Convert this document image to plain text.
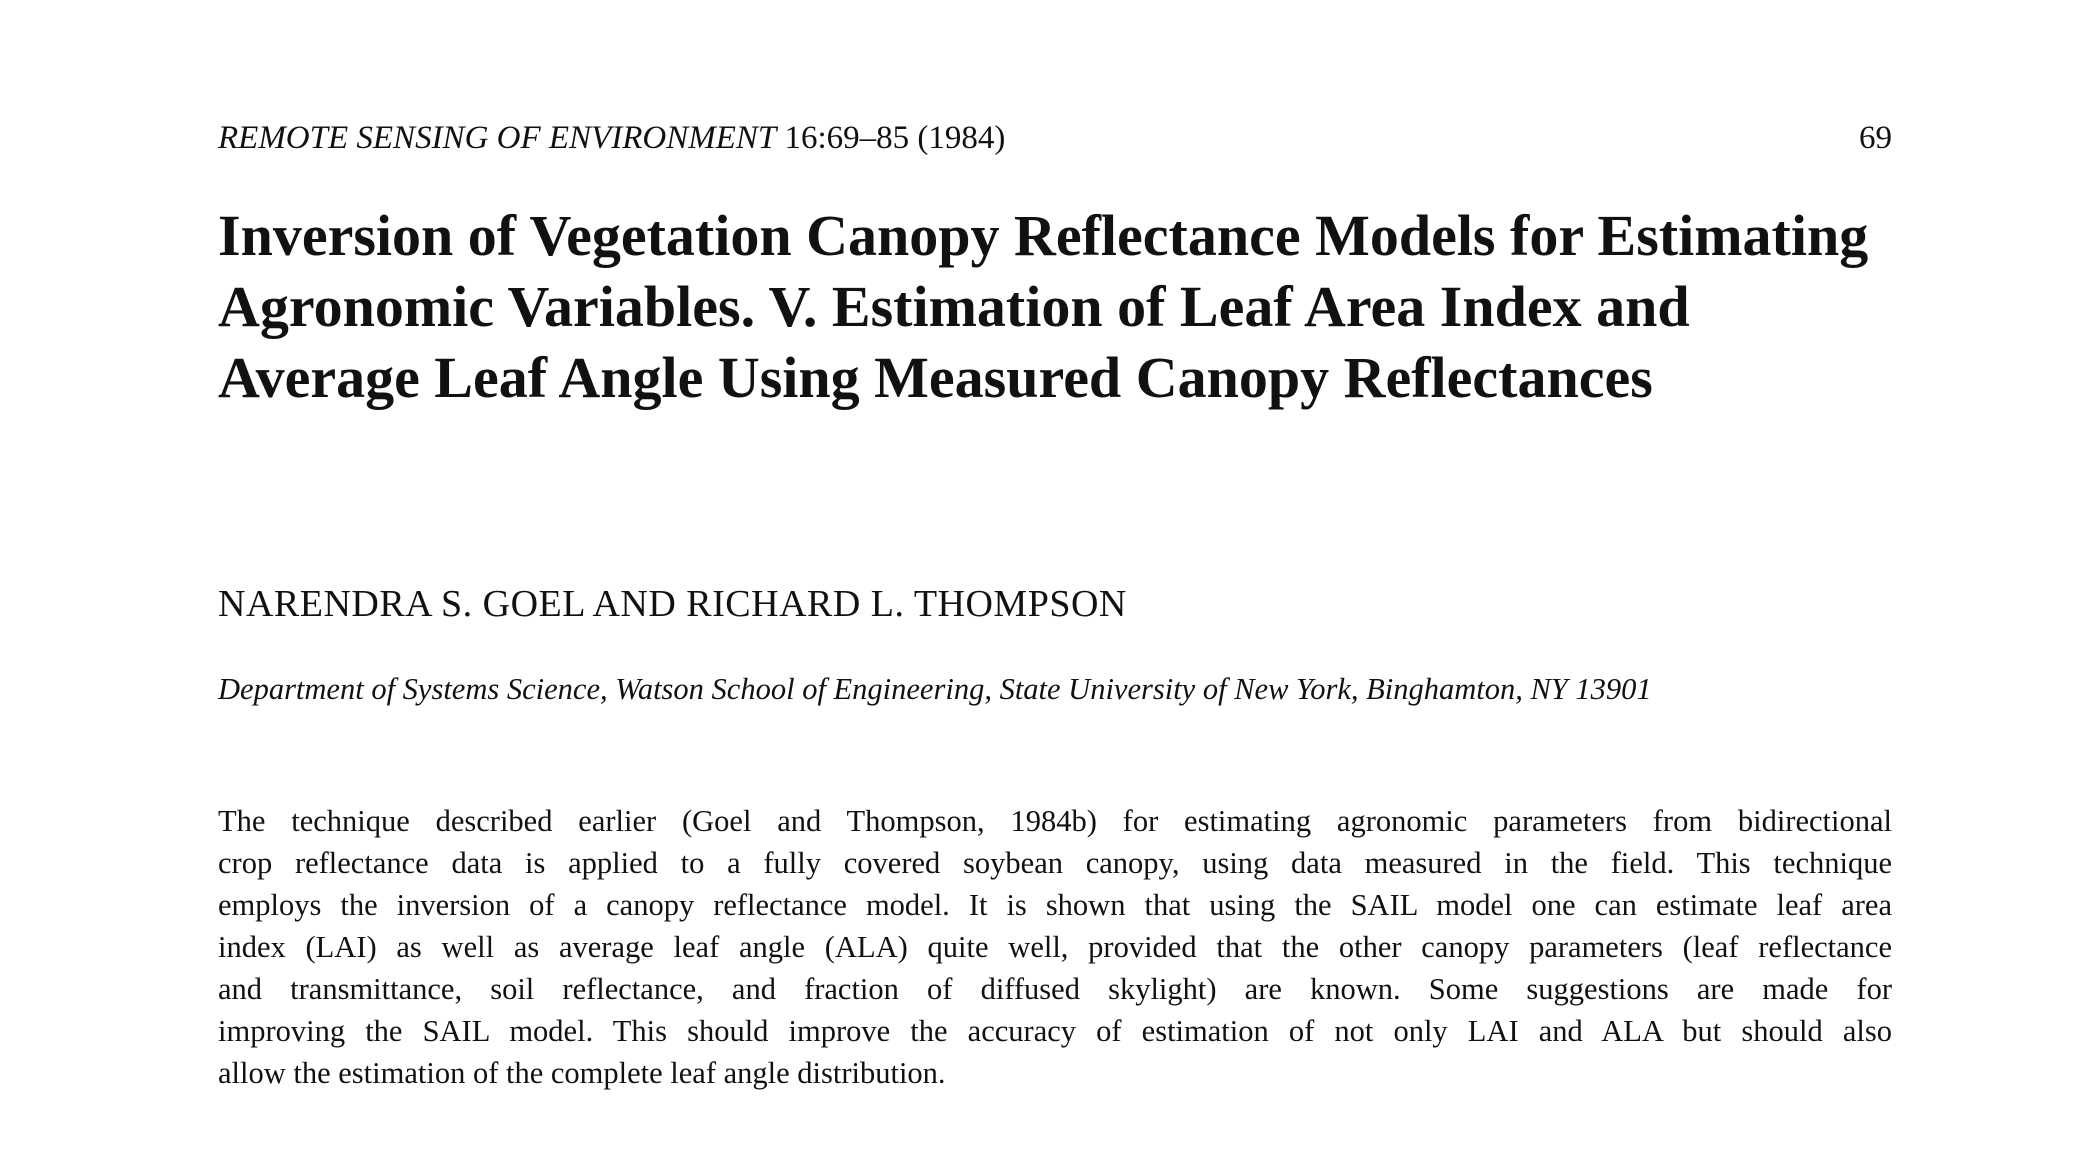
REMOTE SENSING OF ENVIRONMENT 16:69–85 (1984)	69
Inversion of Vegetation Canopy Reflectance Models for Estimating
Agronomic Variables. V. Estimation of Leaf Area Index and
Average Leaf Angle Using Measured Canopy Reflectances
NARENDRA S. GOEL AND RICHARD L. THOMPSON
Department of Systems Science, Watson School of Engineering, State University of New York, Binghamton, NY 13901
The technique described earlier (Goel and Thompson, 1984b) for estimating agronomic parameters from bidirectional
crop reflectance data is applied to a fully covered soybean canopy, using data measured in the field. This technique
employs the inversion of a canopy reflectance model. It is shown that using the SAIL model one can estimate leaf area
index (LAI) as well as average leaf angle (ALA) quite well, provided that the other canopy parameters (leaf reflectance
and transmittance, soil reflectance, and fraction of diffused skylight) are known. Some suggestions are made for
improving the SAIL model. This should improve the accuracy of estimation of not only LAI and ALA but should also
allow the estimation of the complete leaf angle distribution.
